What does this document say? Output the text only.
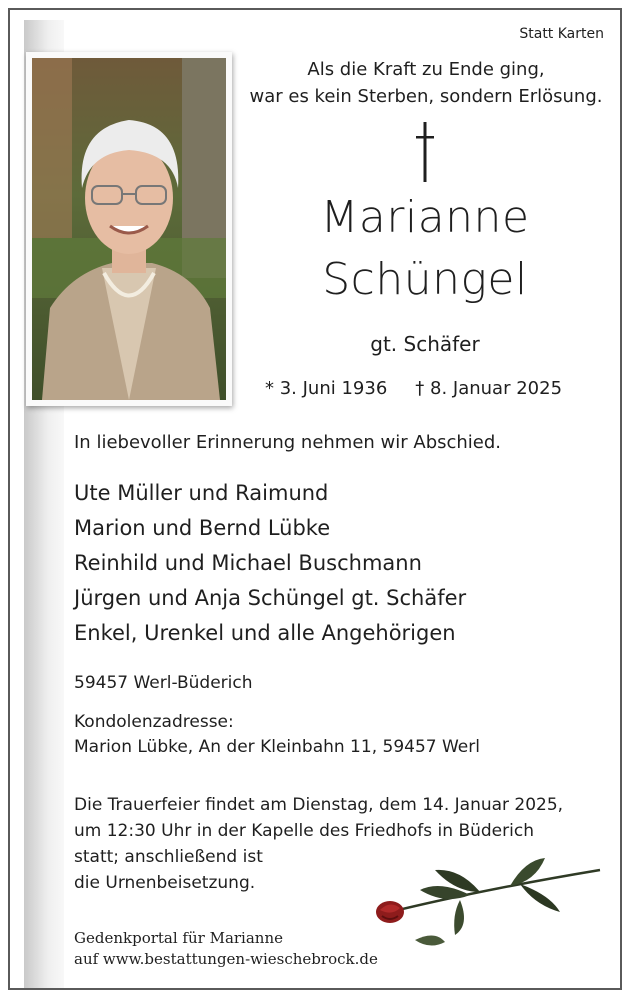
Statt Karten
Als die Kraft zu Ende ging,
war es kein Sterben, sondern Erlösung.
Marianne
Schüngel
gt. Schäfer
* 3. Juni 1936 † 8. Januar 2025
In liebevoller Erinnerung nehmen wir Abschied.
Ute Müller und Raimund
Marion und Bernd Lübke
Reinhild und Michael Buschmann
Jürgen und Anja Schüngel gt. Schäfer
Enkel, Urenkel und alle Angehörigen
59457 Werl-Büderich
Kondolenzadresse:
Marion Lübke, An der Kleinbahn 11, 59457 Werl
Die Trauerfeier findet am Dienstag, dem 14. Januar 2025,
um 12:30 Uhr in der Kapelle des Friedhofs in Büderich
statt; anschließend ist
die Urnenbeisetzung.
Gedenkportal für Marianne
auf www.bestattungen-wieschebrock.de
